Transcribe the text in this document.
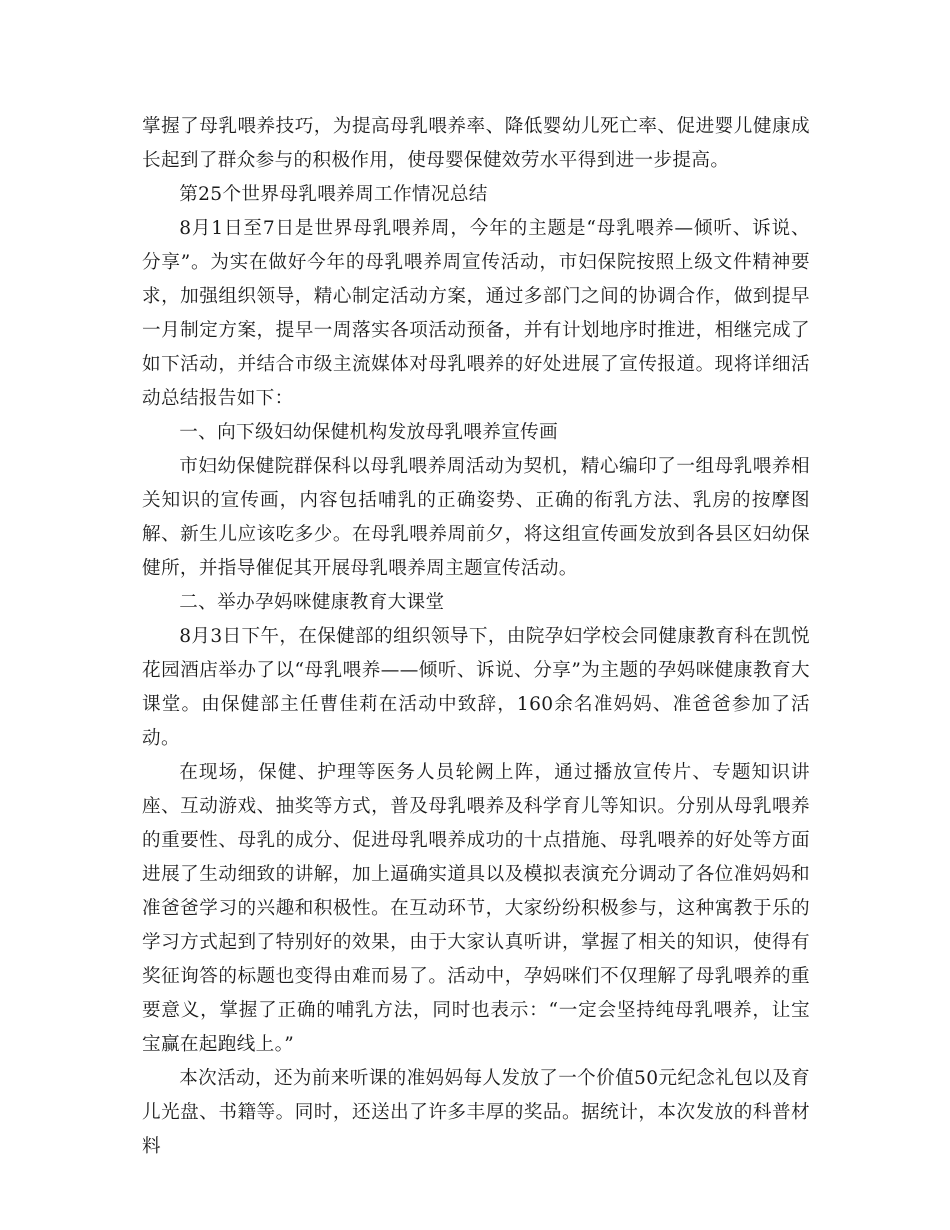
掌握了母乳喂养技巧，为提高母乳喂养率、降低婴幼儿死亡率、促进婴儿健康成长起到了群众参与的积极作用，使母婴保健效劳水平得到进一步提高。

第25个世界母乳喂养周工作情况总结

8月1日至7日是世界母乳喂养周，今年的主题是“母乳喂养—倾听、诉说、分享”。为实在做好今年的母乳喂养周宣传活动，市妇保院按照上级文件精神要求，加强组织领导，精心制定活动方案，通过多部门之间的协调合作，做到提早一月制定方案，提早一周落实各项活动预备，并有计划地序时推进，相继完成了如下活动，并结合市级主流媒体对母乳喂养的好处进展了宣传报道。现将详细活动总结报告如下：

一、向下级妇幼保健机构发放母乳喂养宣传画

市妇幼保健院群保科以母乳喂养周活动为契机，精心编印了一组母乳喂养相关知识的宣传画，内容包括哺乳的正确姿势、正确的衔乳方法、乳房的按摩图解、新生儿应该吃多少。在母乳喂养周前夕，将这组宣传画发放到各县区妇幼保健所，并指导催促其开展母乳喂养周主题宣传活动。

二、举办孕妈咪健康教育大课堂

8月3日下午，在保健部的组织领导下，由院孕妇学校会同健康教育科在凯悦花园酒店举办了以“母乳喂养——倾听、诉说、分享”为主题的孕妈咪健康教育大课堂。由保健部主任曹佳莉在活动中致辞，160余名准妈妈、准爸爸参加了活动。

在现场，保健、护理等医务人员轮阙上阵，通过播放宣传片、专题知识讲座、互动游戏、抽奖等方式，普及母乳喂养及科学育儿等知识。分别从母乳喂养的重要性、母乳的成分、促进母乳喂养成功的十点措施、母乳喂养的好处等方面进展了生动细致的讲解，加上逼确实道具以及模拟表演充分调动了各位准妈妈和准爸爸学习的兴趣和积极性。在互动环节，大家纷纷积极参与，这种寓教于乐的学习方式起到了特别好的效果，由于大家认真听讲，掌握了相关的知识，使得有奖征询答的标题也变得由难而易了。活动中，孕妈咪们不仅理解了母乳喂养的重要意义，掌握了正确的哺乳方法，同时也表示：“一定会坚持纯母乳喂养，让宝宝赢在起跑线上。”

本次活动，还为前来听课的准妈妈每人发放了一个价值50元纪念礼包以及育儿光盘、书籍等。同时，还送出了许多丰厚的奖品。据统计，本次发放的科普材料
